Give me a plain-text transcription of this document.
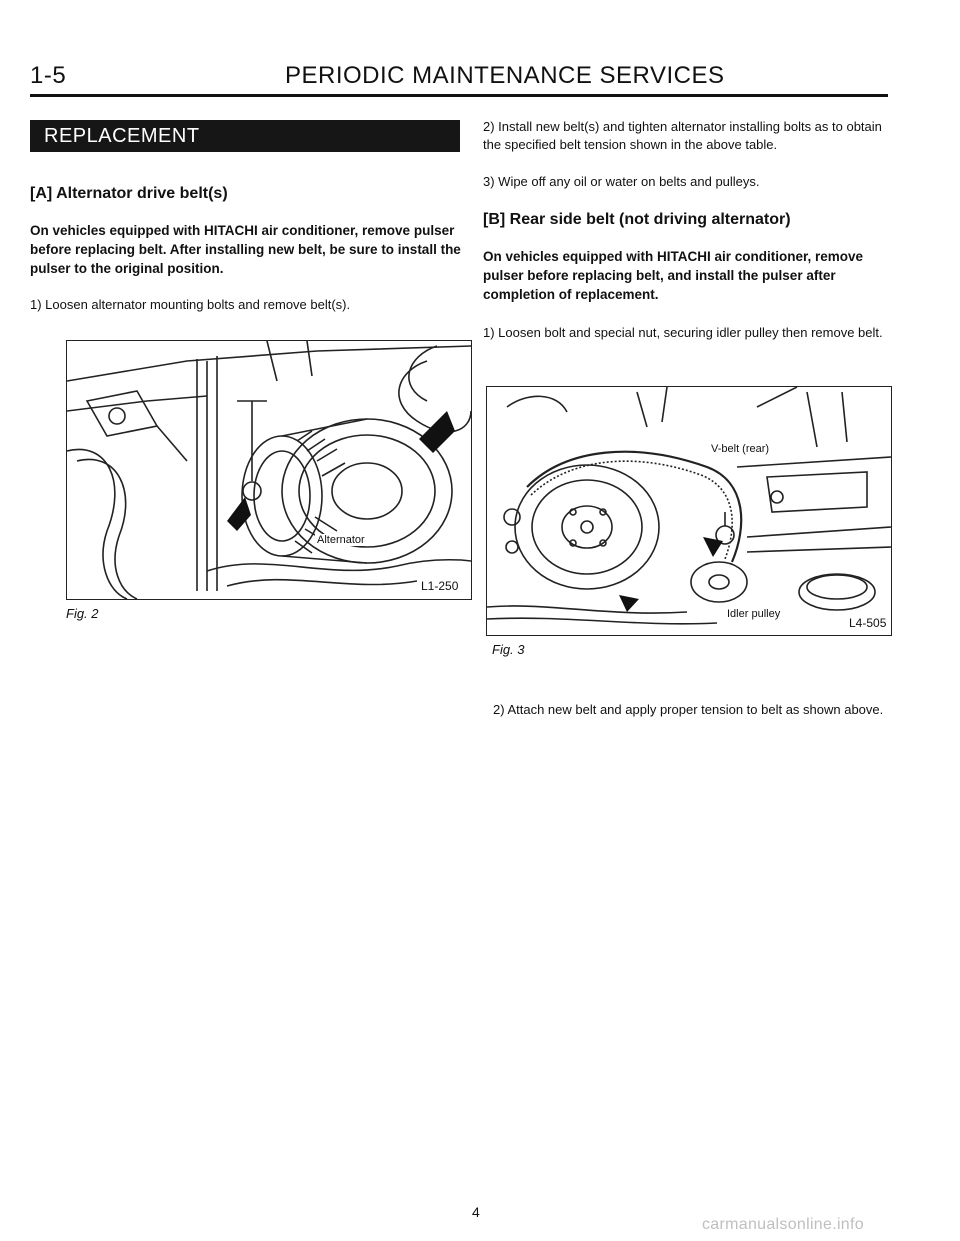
1-5	PERIODIC MAINTENANCE SERVICES
REPLACEMENT
[A] Alternator drive belt(s)
On vehicles equipped with HITACHI air conditioner, remove pulser before replacing belt. After installing new belt, be sure to install the pulser to the original position.
1) Loosen alternator mounting bolts and remove belt(s).
Alternator
L1-250
Fig. 2
2) Install new belt(s) and tighten alternator installing bolts as to obtain the specified belt tension shown in the above table.
3) Wipe off any oil or water on belts and pulleys.
[B] Rear side belt (not driving alternator)
On vehicles equipped with HITACHI air conditioner, remove pulser before replacing belt, and install the pulser after completion of replacement.
1) Loosen bolt and special nut, securing idler pulley then remove belt.
V-belt (rear)
Idler pulley
L4-505
Fig. 3
2) Attach new belt and apply proper tension to belt as shown above.
4
carmanualsonline.info
